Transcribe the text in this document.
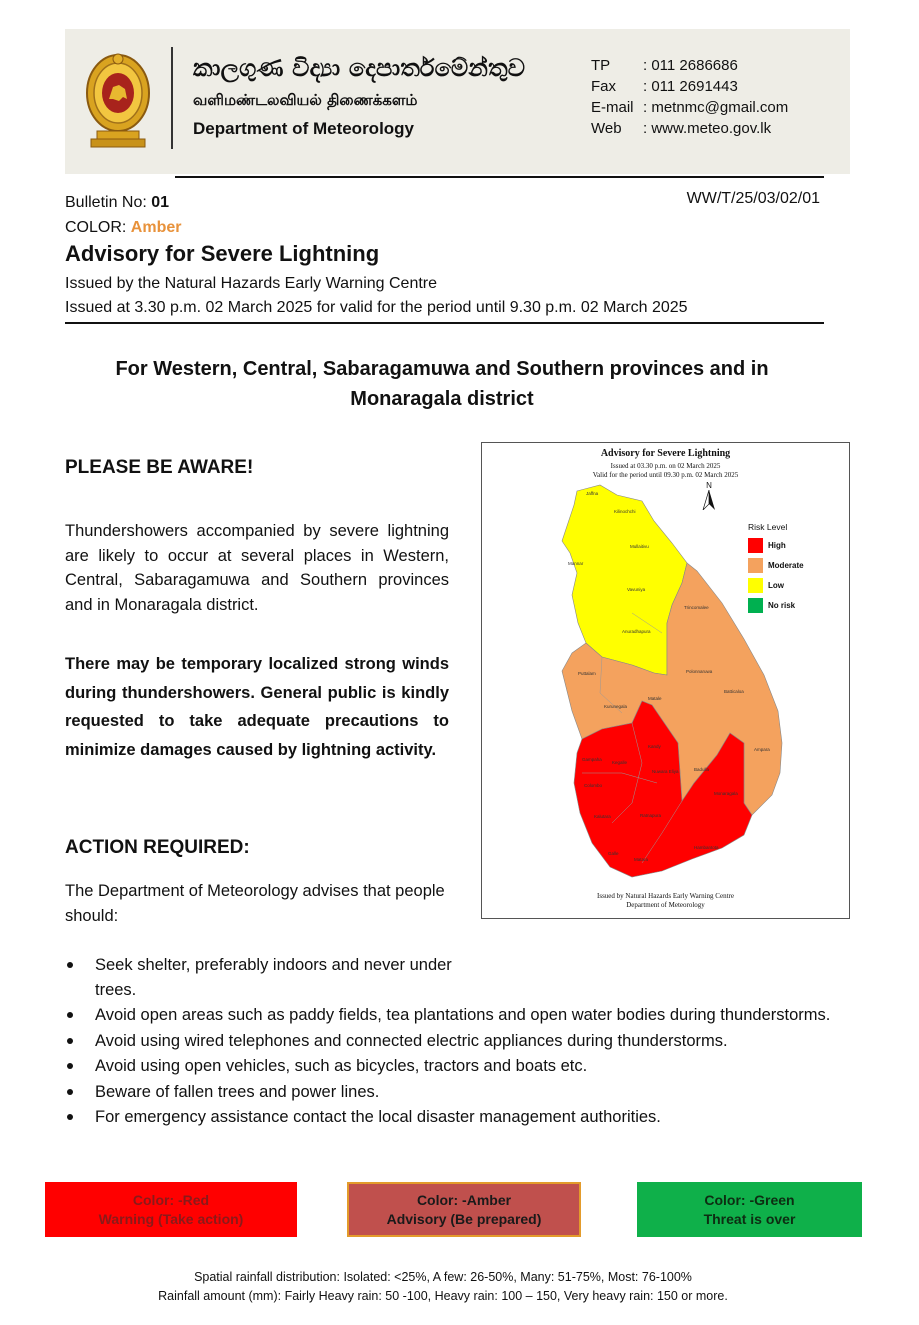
කාලගුණ විද්‍යා දෙපාර්තමේන්තුව
வளிமண்டலவியல் திணைக்களம்
Department of Meteorology
TP	: 011 2686686
Fax	: 011 2691443
E-mail : metnmc@gmail.com
Web	: www.meteo.gov.lk
Bulletin No: 01
COLOR: Amber
WW/T/25/03/02/01
Advisory for Severe Lightning
Issued by the Natural Hazards Early Warning Centre
Issued at 3.30 p.m. 02 March 2025 for valid for the period until 9.30 p.m. 02 March 2025
For Western, Central, Sabaragamuwa and Southern provinces and in Monaragala district
PLEASE BE AWARE!
Thundershowers accompanied by severe lightning are likely to occur at several places in Western, Central, Sabaragamuwa and Southern provinces and in Monaragala district.
There may be temporary localized strong winds during thundershowers. General public is kindly requested to take adequate precautions to minimize damages caused by lightning activity.
ACTION REQUIRED:
The Department of Meteorology advises that people should:
Seek shelter, preferably indoors and never under trees.
Avoid open areas such as paddy fields, tea plantations and open water bodies during thunderstorms.
Avoid using wired telephones and connected electric appliances during thunderstorms.
Avoid using open vehicles, such as bicycles, tractors and boats etc.
Beware of fallen trees and power lines.
For emergency assistance contact the local disaster management authorities.
Jaffna
Kilinochchi
Mullaitivu
Mannar
Vavuniya
Trincomalee
Anuradhapura
Puttalam	Polonnaruwa
Batticaloa
Kurunegala
Matale
Ampara
Kandy
Gampaha
Kegalle
Nuwara Eliya	Badulla
Colombo
Monaragala
Ratnapura
Kalutara
Hambantota
Galle
Matara
Advisory for Severe Lightning
Issued at 03.30 p.m. on 02 March 2025
Valid for the period until 09.30 p.m. 02 March 2025
N
Risk Level
High
Moderate
Low
No risk
Issued by Natural Hazards Early Warning Centre
Department of Meteorology
Color: -Red
Warning (Take action)
Color: -Amber
Advisory (Be prepared)
Color: -Green
Threat is over
Spatial rainfall distribution: Isolated: <25%, A few: 26-50%, Many: 51-75%, Most: 76-100%
Rainfall amount (mm): Fairly Heavy rain: 50 -100, Heavy rain: 100 – 150, Very heavy rain: 150 or more.
